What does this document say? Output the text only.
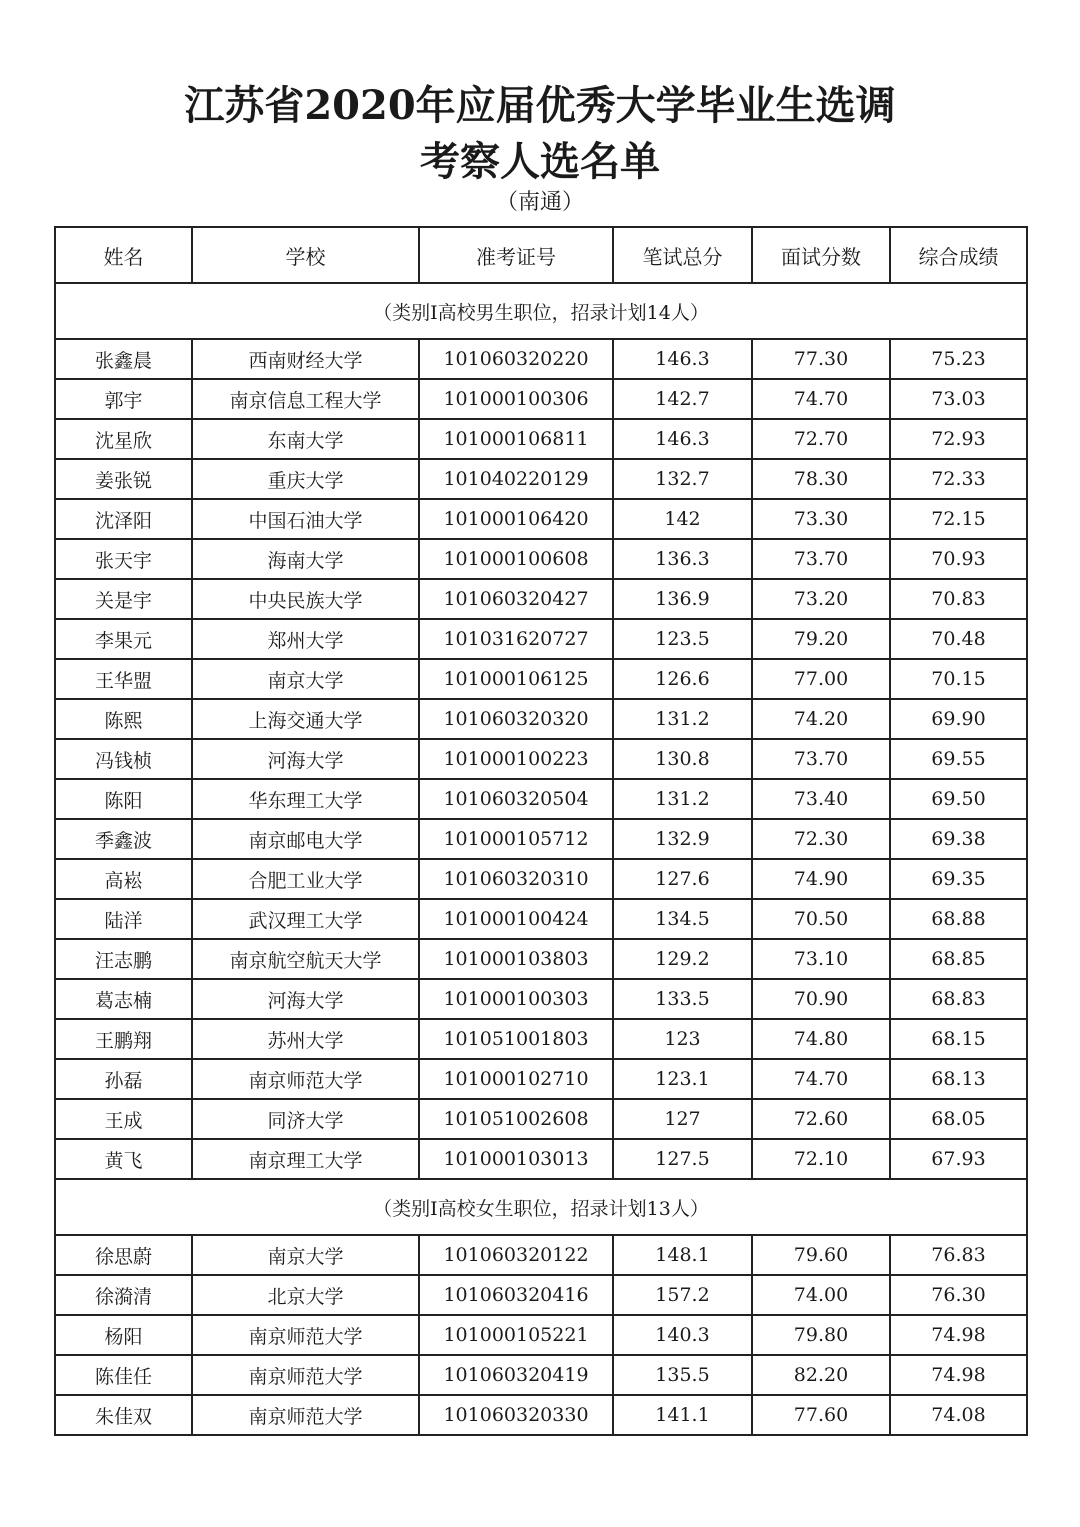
江苏省2020年应届优秀大学毕业生选调
考察人选名单
（南通）
姓名	学校	准考证号	笔试总分	面试分数	综合成绩
（类别I高校男生职位，招录计划14人）					
张鑫晨	西南财经大学	101060320220	146.3	77.30	75.23
郭宇	南京信息工程大学	101000100306	142.7	74.70	73.03
沈星欣	东南大学	101000106811	146.3	72.70	72.93
姜张锐	重庆大学	101040220129	132.7	78.30	72.33
沈泽阳	中国石油大学	101000106420	142	73.30	72.15
张天宇	海南大学	101000100608	136.3	73.70	70.93
关是宇	中央民族大学	101060320427	136.9	73.20	70.83
李果元	郑州大学	101031620727	123.5	79.20	70.48
王华盟	南京大学	101000106125	126.6	77.00	70.15
陈熙	上海交通大学	101060320320	131.2	74.20	69.90
冯钱桢	河海大学	101000100223	130.8	73.70	69.55
陈阳	华东理工大学	101060320504	131.2	73.40	69.50
季鑫波	南京邮电大学	101000105712	132.9	72.30	69.38
高崧	合肥工业大学	101060320310	127.6	74.90	69.35
陆洋	武汉理工大学	101000100424	134.5	70.50	68.88
汪志鹏	南京航空航天大学	101000103803	129.2	73.10	68.85
葛志楠	河海大学	101000100303	133.5	70.90	68.83
王鹏翔	苏州大学	101051001803	123	74.80	68.15
孙磊	南京师范大学	101000102710	123.1	74.70	68.13
王成	同济大学	101051002608	127	72.60	68.05
黄飞	南京理工大学	101000103013	127.5	72.10	67.93
（类别I高校女生职位，招录计划13人）					
徐思蔚	南京大学	101060320122	148.1	79.60	76.83
徐漪清	北京大学	101060320416	157.2	74.00	76.30
杨阳	南京师范大学	101000105221	140.3	79.80	74.98
陈佳任	南京师范大学	101060320419	135.5	82.20	74.98
朱佳双	南京师范大学	101060320330	141.1	77.60	74.08
